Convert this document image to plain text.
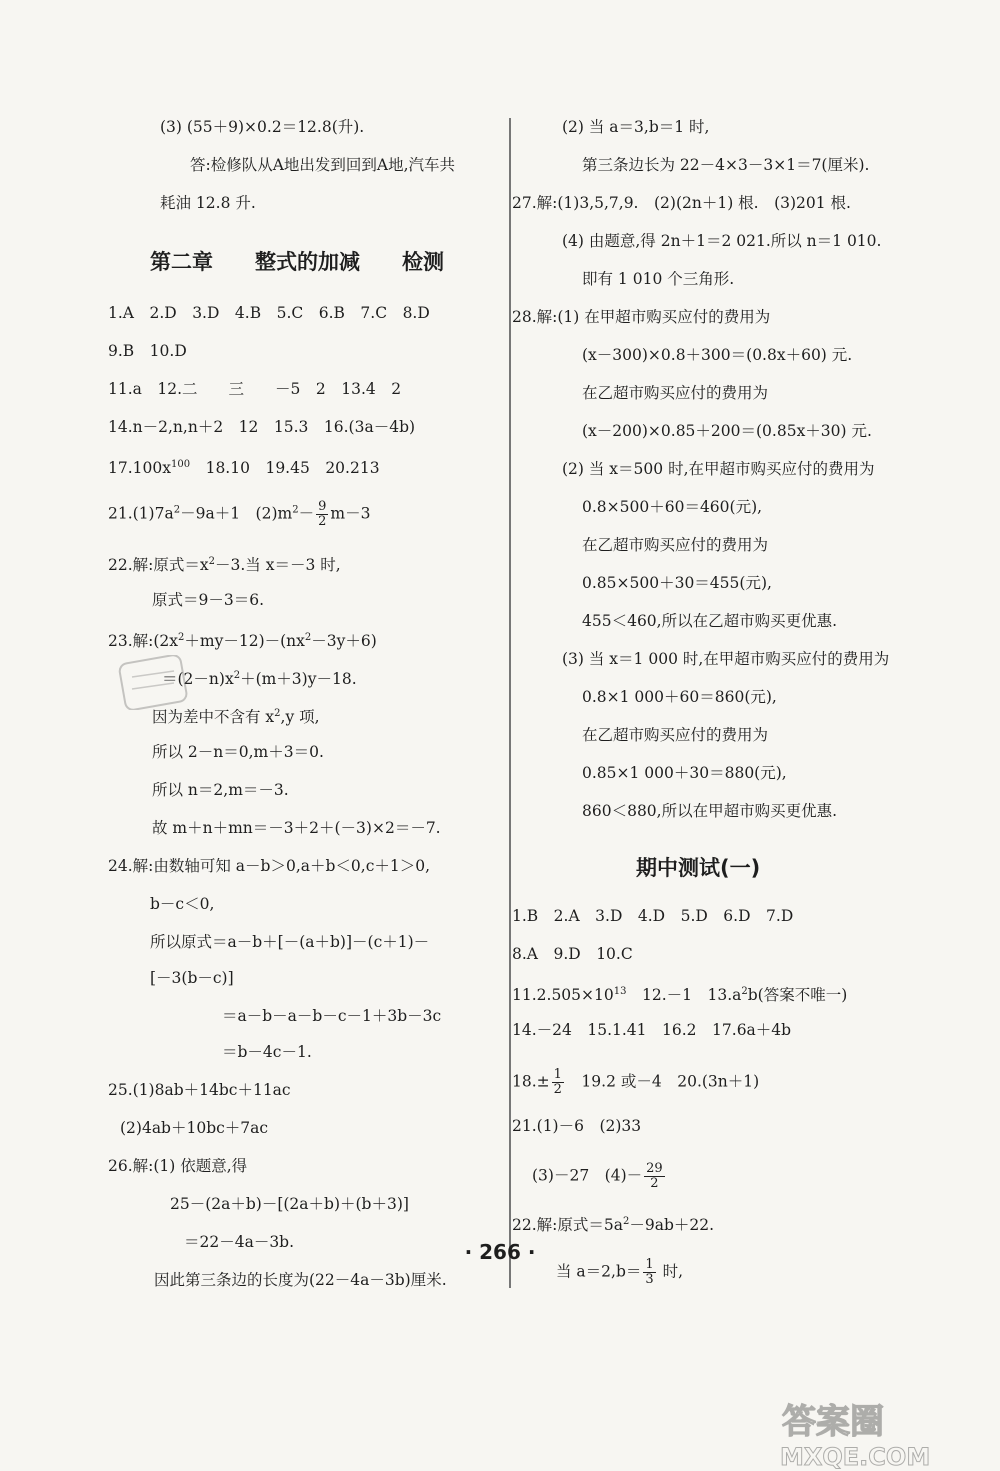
(3) (55＋9)×0.2＝12.8(升).
答:检修队从A地出发到回到A地,汽车共
耗油 12.8 升.
第二章　　整式的加减　　检测
1.A　2.D　3.D　4.B　5.C　6.B　7.C　8.D
9.B　10.D
11.a　12.二　　三　　－5　2　13.4　2
14.n－2,n,n＋2　12　15.3　16.(3a－4b)
$17.100x^{100}$　18.10　19.45　20.213
$21.(1)7a^2-9a+1$　$(2)m^2- \frac{9}{2} m-3$
22.解:原式$=x^2-3$.当 x＝－3 时,
原式＝9－3＝6.
23.解$:(2x^2+my-12)-(nx^2-3y+6)$
$=(2-n)x^2+(m+3)y-18$.
因为差中不含有 $x^2,y$ 项,
所以 2－n＝0,m＋3＝0.
所以 n＝2,m＝－3.
故 m＋n＋mn＝－3＋2＋(－3)×2＝－7.
24.解:由数轴可知 a－b＞0,a＋b＜0,c＋1＞0,
b－c＜0,
所以原式＝a－b＋[－(a＋b)]－(c＋1)－
[－3(b－c)]
＝a－b－a－b－c－1＋3b－3c
＝b－4c－1.
25.(1)8ab＋14bc＋11ac
(2)4ab＋10bc＋7ac
26.解:(1) 依题意,得
25－(2a＋b)－[(2a＋b)＋(b＋3)]
＝22－4a－3b.
因此第三条边的长度为(22－4a－3b)厘米.
(2) 当 a＝3,b＝1 时,
第三条边长为 22－4×3－3×1＝7(厘米).
27.解:(1)3,5,7,9.　(2)(2n＋1) 根.　(3)201 根.
(4) 由题意,得 2n＋1＝2 021.所以 n＝1 010.
即有 1 010 个三角形.
28.解:(1) 在甲超市购买应付的费用为
(x－300)×0.8＋300＝(0.8x＋60) 元.
在乙超市购买应付的费用为
(x－200)×0.85＋200＝(0.85x＋30) 元.
(2) 当 x＝500 时,在甲超市购买应付的费用为
0.8×500＋60＝460(元),
在乙超市购买应付的费用为
0.85×500＋30＝455(元),
455＜460,所以在乙超市购买更优惠.
(3) 当 x＝1 000 时,在甲超市购买应付的费用为
0.8×1 000＋60＝860(元),
在乙超市购买应付的费用为
0.85×1 000＋30＝880(元),
860＜880,所以在甲超市购买更优惠.
期中测试(一)
1.B　2.A　3.D　4.D　5.D　6.D　7.D
8.A　9.D　10.C
$11.2.505\times 10^{13}$　12.－1　$13.a^2b$(答案不唯一)
14.－24　15.1.41　16.2　17.6a＋4b
$18.\pm \frac{1}{2}$ 　19.2 或－4　20.(3n＋1)
21.(1)－6　(2)33
(3)－27　$(4)- \frac{29}{2}$
22.解:原式$=5a^2-9ab+22$.
当 $a=2,b= \frac{1}{3}$ 时,
· 266 ·
答案圈
MXQE.COM
